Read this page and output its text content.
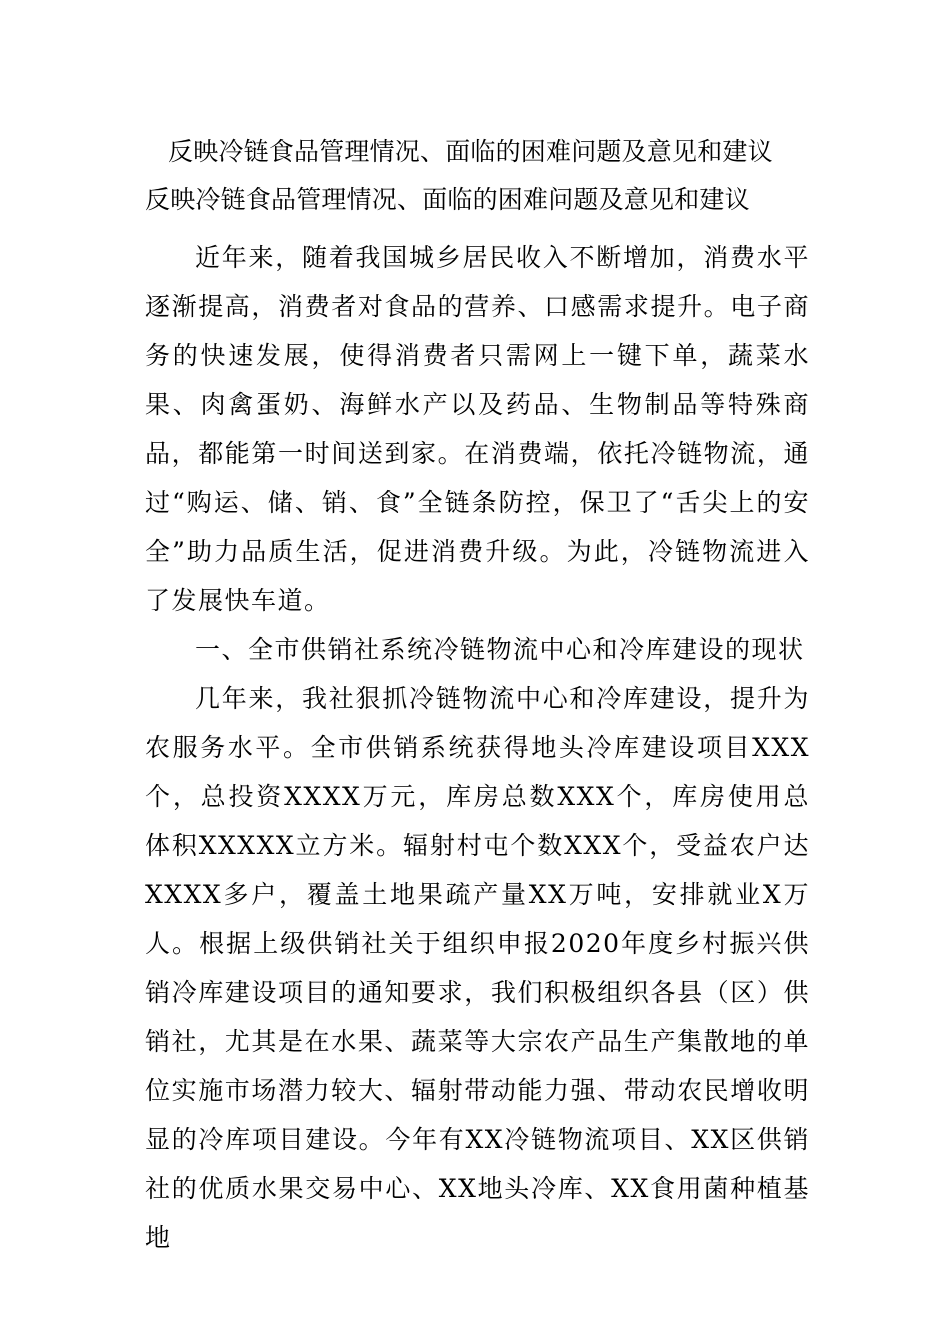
反映冷链食品管理情况、面临的困难问题及意见和建议
反映冷链食品管理情况、面临的困难问题及意见和建议

近年来，随着我国城乡居民收入不断增加，消费水平逐渐提高，消费者对食品的营养、口感需求提升。电子商务的快速发展，使得消费者只需网上一键下单，蔬菜水果、肉禽蛋奶、海鲜水产以及药品、生物制品等特殊商品，都能第一时间送到家。在消费端，依托冷链物流，通过“购运、储、销、食”全链条防控，保卫了“舌尖上的安全”助力品质生活，促进消费升级。为此，冷链物流进入了发展快车道。

一、全市供销社系统冷链物流中心和冷库建设的现状

几年来，我社狠抓冷链物流中心和冷库建设，提升为农服务水平。全市供销系统获得地头冷库建设项目XXX个，总投资XXXX万元，库房总数XXX个，库房使用总体积XXXXX立方米。辐射村屯个数XXX个，受益农户达XXXX多户，覆盖土地果疏产量XX万吨，安排就业X万人。根据上级供销社关于组织申报2020年度乡村振兴供销冷库建设项目的通知要求，我们积极组织各县（区）供销社，尤其是在水果、蔬菜等大宗农产品生产集散地的单位实施市场潜力较大、辐射带动能力强、带动农民增收明显的冷库项目建设。今年有XX冷链物流项目、XX区供销社的优质水果交易中心、XX地头冷库、XX食用菌种植基地
